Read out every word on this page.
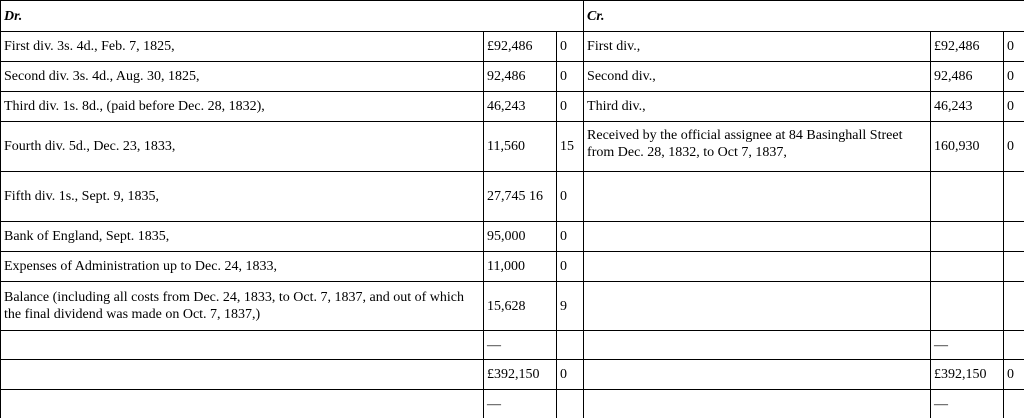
Dr.			Cr.		
First div. 3s. 4d., Feb. 7, 1825,	£92,486	0	First div.,	£92,486	0
Second div. 3s. 4d., Aug. 30, 1825,	92,486	0	Second div.,	92,486	0
Third div. 1s. 8d., (paid before Dec. 28, 1832),	46,243	0	Third div.,	46,243	0
Fourth div. 5d., Dec. 23, 1833,	11,560	15	Received by the official assignee at 84 Basinghall Street from Dec. 28, 1832, to Oct 7, 1837,	160,930	0
Fifth div. 1s., Sept. 9, 1835,	27,745 16	0			
Bank of England, Sept. 1835,	95,000	0			
Expenses of Administration up to Dec. 24, 1833,	11,000	0			
Balance (including all costs from Dec. 24, 1833, to Oct. 7, 1837, and out of which the final dividend was made on Oct. 7, 1837,)	15,628	9			
	—			—	
	£392,150	0		£392,150	0
	—			—	
